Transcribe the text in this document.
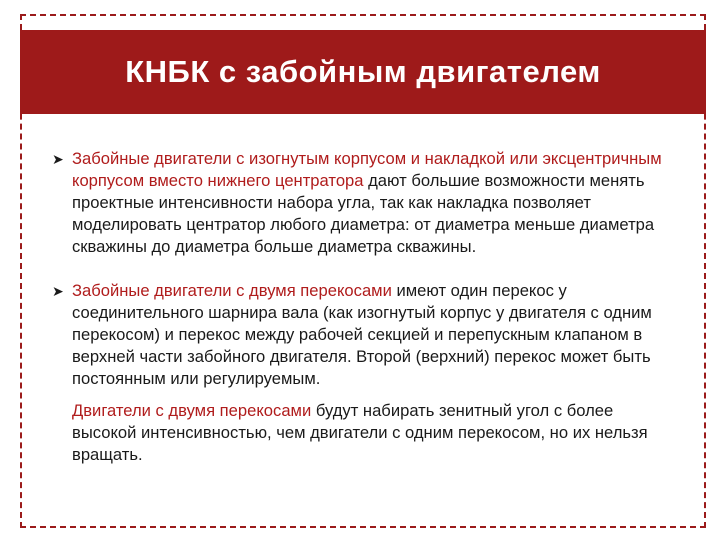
КНБК с забойным двигателем

➤ Забойные двигатели с изогнутым корпусом и накладкой или эксцентричным корпусом вместо нижнего центратора дают большие возможности менять проектные интенсивности набора угла, так как накладка позволяет моделировать центратор любого диаметра: от диаметра меньше диаметра скважины до диаметра больше диаметра скважины.

➤ Забойные двигатели с двумя перекосами имеют один перекос у соединительного шарнира вала (как изогнутый корпус у двигателя с одним перекосом) и перекос между рабочей секцией и перепускным клапаном в верхней части забойного двигателя. Второй (верхний) перекос может быть постоянным или регулируемым.

Двигатели с двумя перекосами будут набирать зенитный угол с более высокой интенсивностью, чем двигатели с одним перекосом, но их нельзя вращать.
